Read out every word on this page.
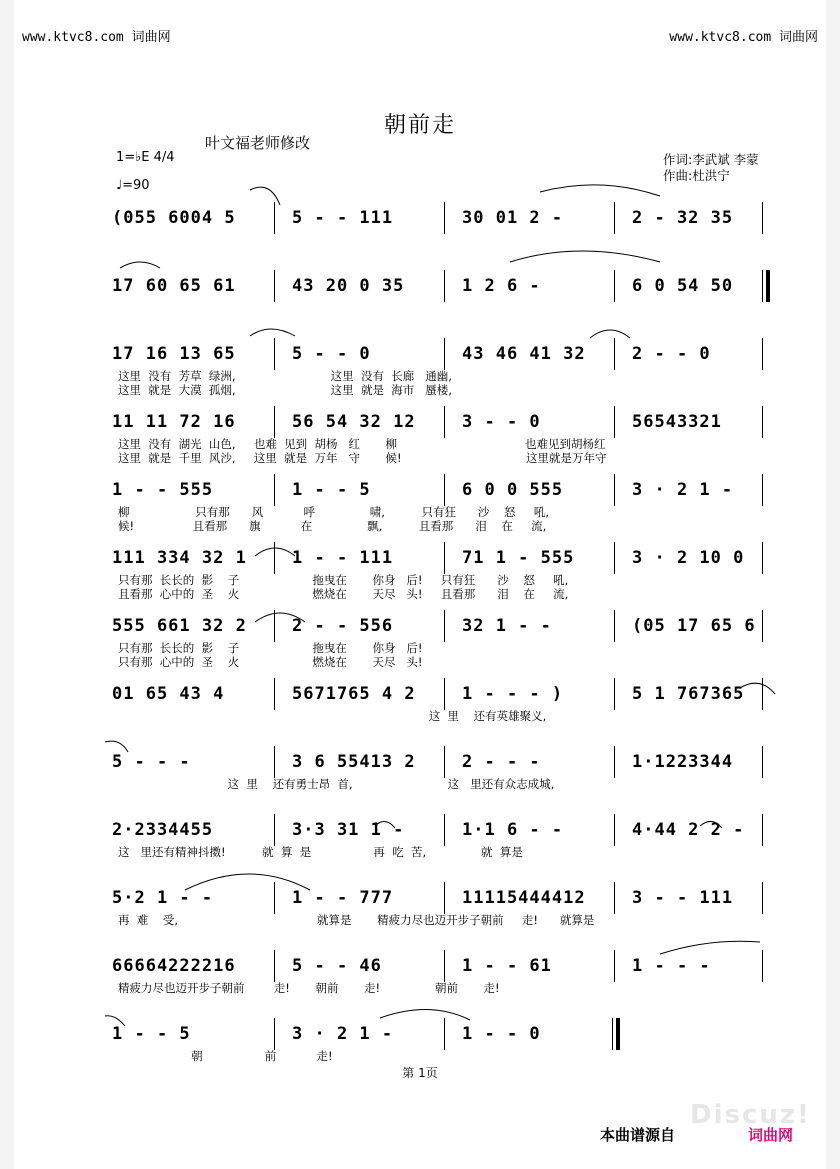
www.ktvc8.com 词曲网	www.ktvc8.com 词曲网
朝前走
叶文福老师修改
1=♭E 4/4
♩=90
作词:李武斌 李蒙
作曲:杜洪宁
(055 6004 5	5 - - 111	30 01 2 -	2 - 32 35
17 60 65 61	43 20 0 35	1 2 6 -	6 0 54 50
17 16 13 65	5 - - 0	43 46 41 32	2 - - 0
这里  没有  芳草  绿洲,                          这里  没有  长廊   通幽,
这里  就是  大漠  孤烟,                          这里  就是  海市   蜃楼,
11 11 72 16	56 54 32 12	3 - - 0	56543321
这里  没有  湖光  山色,     也难  见到  胡杨   红       柳                                   也难见到胡杨红
这里  就是  千里  风沙,     这里  就是  万年   守       候!                                  这里就是万年守
1 - - 555	1 - - 5	6 0 0 555	3 · 2 1 -
柳                  只有那      风           呼               啸,          只有狂      沙    怒     吼,
候!                且看那      旗           在               飘,          且看那      泪    在     流,
111 334 32 1	1 - - 111	71 1 - 555	3 · 2 10 0
只有那  长长的  影    子                    拖曳在       你身   后!     只有狂      沙    怒     吼,
且看那  心中的  圣    火                    燃烧在       天尽   头!     且看那      泪    在     流,
555 661 32 2	2 - - 556	32 1 - -	(05 17 65 6
只有那  长长的  影    子                    拖曳在       你身   后!
只有那  心中的  圣    火                    燃烧在       天尽   头!
01 65 43 4	5671765 4 2	1 - - - )	5 1 767365
这  里    还有英雄聚义,
5 - - -	3 6 55413 2	2 - - -	1·1223344
这  里    还有勇士昂  首,                          这   里还有众志成城,
2·2334455	3·3 31 1 -	1·1 6 - -	4·44 2 2 -
这   里还有精神抖擞!          就  算  是                 再  吃  苦,               就  算是
5·2 1 - -	1 - - 777	11115444412	3 - - 111
再  难    受,                                      就算是       精疲力尽也迈开步子朝前     走!      就算是
66664222216	5 - - 46	1 - - 61	1 - - -
精疲力尽也迈开步子朝前        走!       朝前       走!               朝前       走!
1 - - 5	3 · 2 1 -	1 - - 0
朝                 前           走!
第 1页
Discuz!
本曲谱源自	词曲网
